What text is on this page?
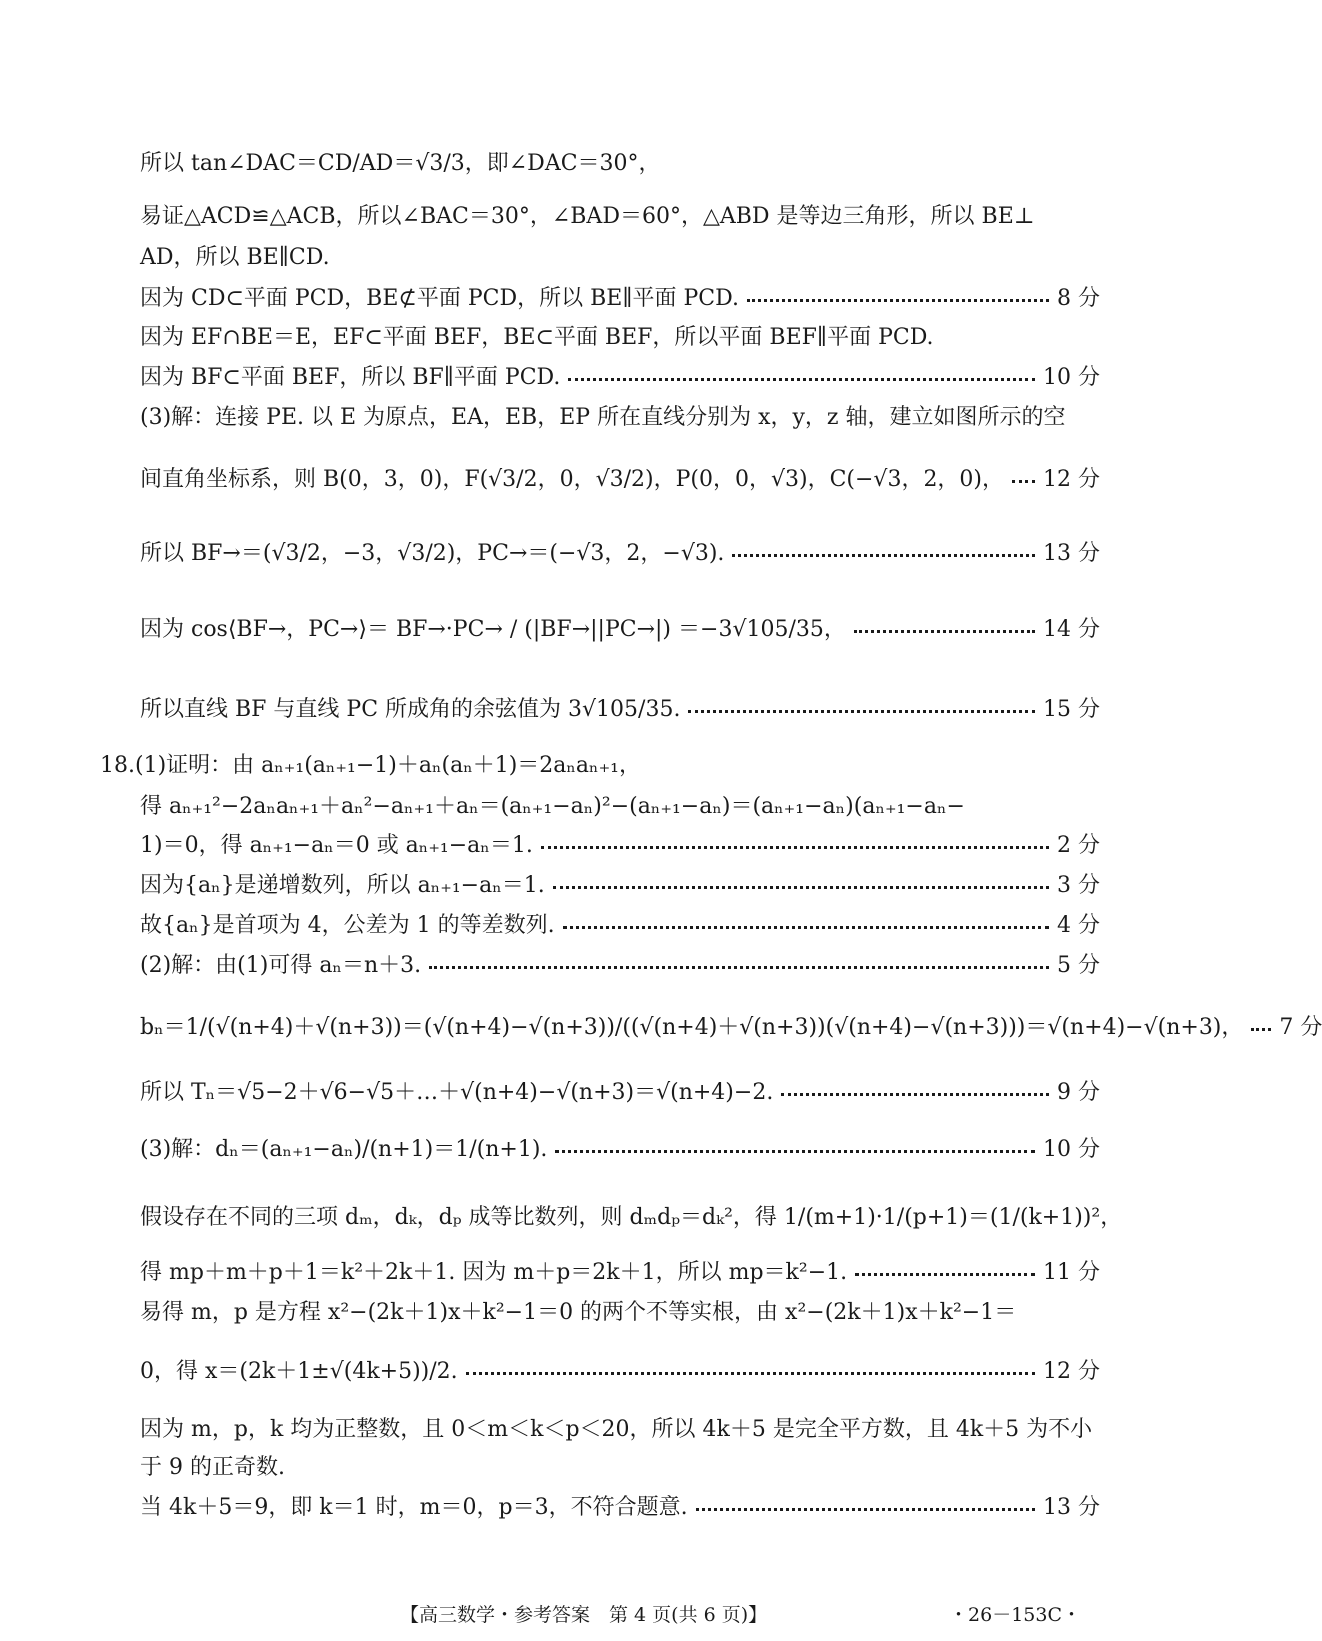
所以 tan∠DAC＝CD/AD＝√3/3，即∠DAC＝30°，
易证△ACD≌△ACB，所以∠BAC＝30°，∠BAD＝60°，△ABD 是等边三角形，所以 BE⊥
AD，所以 BE∥CD.
因为 CD⊂平面 PCD，BE⊄平面 PCD，所以 BE∥平面 PCD.	8 分
因为 EF∩BE＝E，EF⊂平面 BEF，BE⊂平面 BEF，所以平面 BEF∥平面 PCD.
因为 BF⊂平面 BEF，所以 BF∥平面 PCD.	10 分
(3)解：连接 PE. 以 E 为原点，EA，EB，EP 所在直线分别为 x，y，z 轴，建立如图所示的空
间直角坐标系，则 B(0，3，0)，F(√3/2，0，√3/2)，P(0，0，√3)，C(−√3，2，0)， 12 分
所以 BF→＝(√3/2，−3，√3/2)，PC→＝(−√3，2，−√3).	13 分
因为 cos⟨BF→，PC→⟩＝ BF→·PC→ / (|BF→||PC→|) ＝−3√105/35，	14 分
所以直线 BF 与直线 PC 所成角的余弦值为 3√105/35.	15 分
18.(1)证明：由 aₙ₊₁(aₙ₊₁−1)＋aₙ(aₙ＋1)＝2aₙaₙ₊₁，
得 aₙ₊₁²−2aₙaₙ₊₁＋aₙ²−aₙ₊₁＋aₙ＝(aₙ₊₁−aₙ)²−(aₙ₊₁−aₙ)＝(aₙ₊₁−aₙ)(aₙ₊₁−aₙ−
1)＝0，得 aₙ₊₁−aₙ＝0 或 aₙ₊₁−aₙ＝1.	2 分
因为{aₙ}是递增数列，所以 aₙ₊₁−aₙ＝1.	3 分
故{aₙ}是首项为 4，公差为 1 的等差数列.	4 分
(2)解：由(1)可得 aₙ＝n＋3.	5 分
bₙ＝1/(√(n+4)＋√(n+3))＝(√(n+4)−√(n+3))/((√(n+4)＋√(n+3))(√(n+4)−√(n+3)))＝√(n+4)−√(n+3)， 7 分
所以 Tₙ＝√5−2＋√6−√5＋…＋√(n+4)−√(n+3)＝√(n+4)−2.	9 分
(3)解：dₙ＝(aₙ₊₁−aₙ)/(n+1)＝1/(n+1).	10 分
假设存在不同的三项 dₘ，dₖ，dₚ 成等比数列，则 dₘdₚ＝dₖ²，得 1/(m+1)·1/(p+1)＝(1/(k+1))²，
得 mp＋m＋p＋1＝k²＋2k＋1. 因为 m＋p＝2k＋1，所以 mp＝k²−1.	11 分
易得 m，p 是方程 x²−(2k＋1)x＋k²−1＝0 的两个不等实根，由 x²−(2k＋1)x＋k²−1＝
0，得 x＝(2k＋1±√(4k+5))/2.	12 分
因为 m，p，k 均为正整数，且 0＜m＜k＜p＜20，所以 4k＋5 是完全平方数，且 4k＋5 为不小
于 9 的正奇数.
当 4k＋5＝9，即 k＝1 时，m＝0，p＝3，不符合题意.	13 分
【高三数学・参考答案　第 4 页(共 6 页)】	・26－153C・
